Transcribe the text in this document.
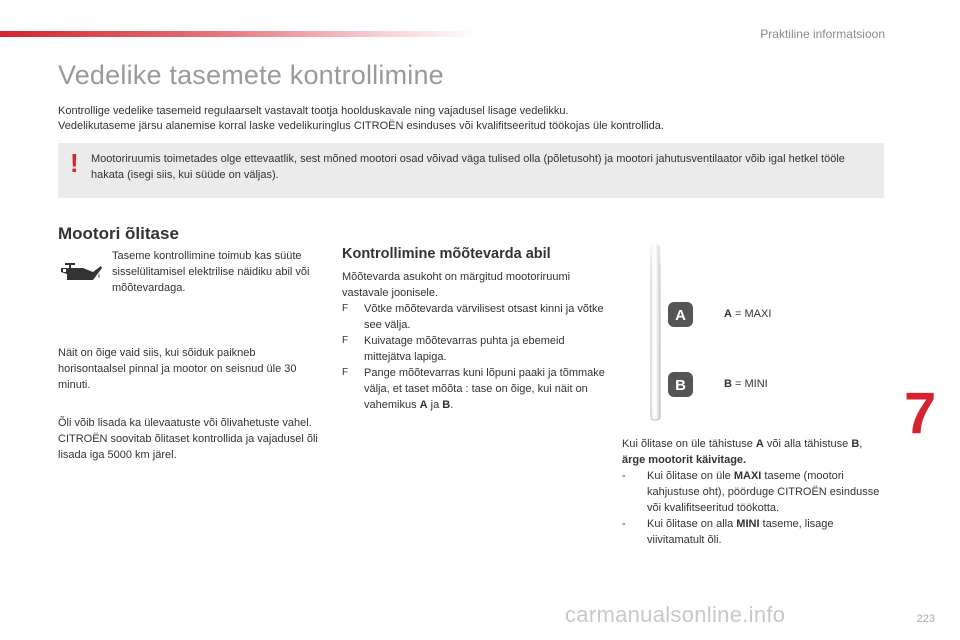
Praktiline informatsioon
Vedelike tasemete kontrollimine

Kontrollige vedelike tasemeid regulaarselt vastavalt tootja hoolduskavale ning vajadusel lisage vedelikku.

Vedelikutaseme järsu alanemise korral laske vedelikuringlus CITROËN esinduses või kvalifitseeritud töökojas üle kontrollida.

! Mootoriruumis toimetades olge ettevaatlik, sest mõned mootori osad võivad väga tulised olla (põletusoht) ja mootori jahutusventilaator võib igal hetkel tööle hakata (isegi siis, kui süüde on väljas).
Mootori õlitase
Taseme kontrollimine toimub kas süüte sisselülitamisel elektrilise näidiku abil või mõõtevardaga.
Näit on õige vaid siis, kui sõiduk paikneb horisontaalsel pinnal ja mootor on seisnud üle 30 minuti.
Õli võib lisada ka ülevaatuste või õlivahetuste vahel. CITROËN soovitab õlitaset kontrollida ja vajadusel õli lisada iga 5000 km järel.
Kontrollimine mõõtevarda abil

Mõõtevarda asukoht on märgitud mootoriruumi vastavale joonisele.

F Võtke mõõtevarda värvilisest otsast kinni ja võtke see välja.

F Kuivatage mõõtevarras puhta ja ebemeid mittejätva lapiga.

F Pange mõõtevarras kuni lõpuni paaki ja tõmmake välja, et taset mõõta : tase on õige, kui näit on vahemikus A ja B.

A
B
A = MAXI
B = MINI

Kui õlitase on üle tähistuse A või alla tähistuse B, ärge mootorit käivitage.

- Kui õlitase on üle MAXI taseme (mootori kahjustuse oht), pöörduge CITROËN esindusse või kvalifitseeritud töökotta.

- Kui õlitase on alla MINI taseme, lisage viivitamatult õli.

7
carmanualsonline.info	223
